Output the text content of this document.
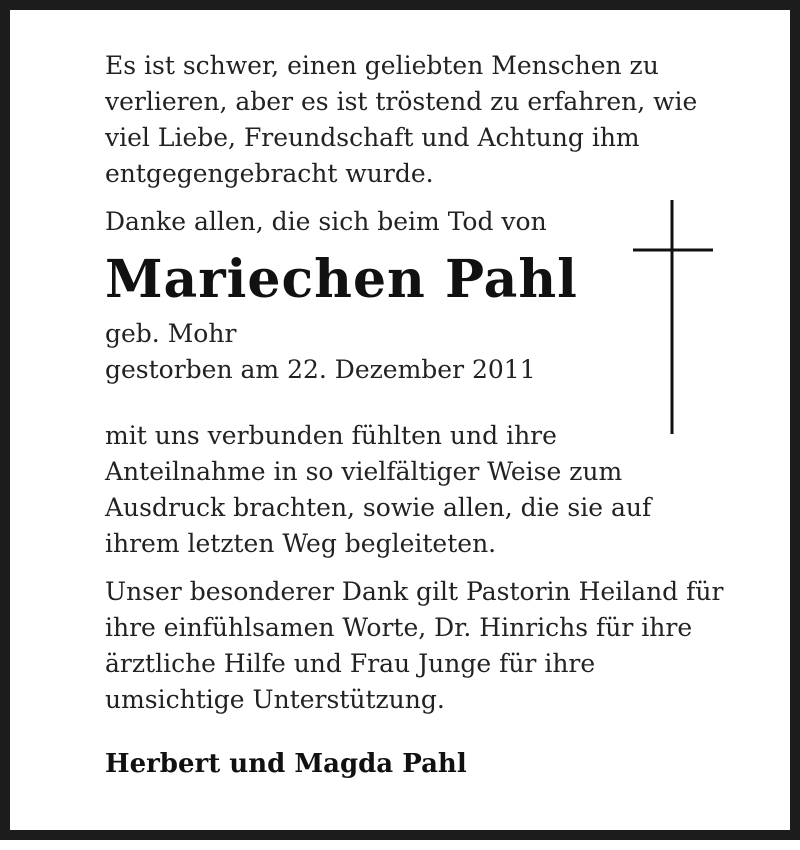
Es ist schwer, einen geliebten Menschen zu
verlieren, aber es ist tröstend zu erfahren, wie
viel Liebe, Freundschaft und Achtung ihm
entgegengebracht wurde.

Danke allen, die sich beim Tod von

Mariechen Pahl

geb. Mohr
gestorben am 22. Dezember 2011

mit uns verbunden fühlten und ihre
Anteilnahme in so vielfältiger Weise zum
Ausdruck brachten, sowie allen, die sie auf
ihrem letzten Weg begleiteten.

Unser besonderer Dank gilt Pastorin Heiland für
ihre einfühlsamen Worte, Dr. Hinrichs für ihre
ärztliche Hilfe und Frau Junge für ihre
umsichtige Unterstützung.

Herbert und Magda Pahl
